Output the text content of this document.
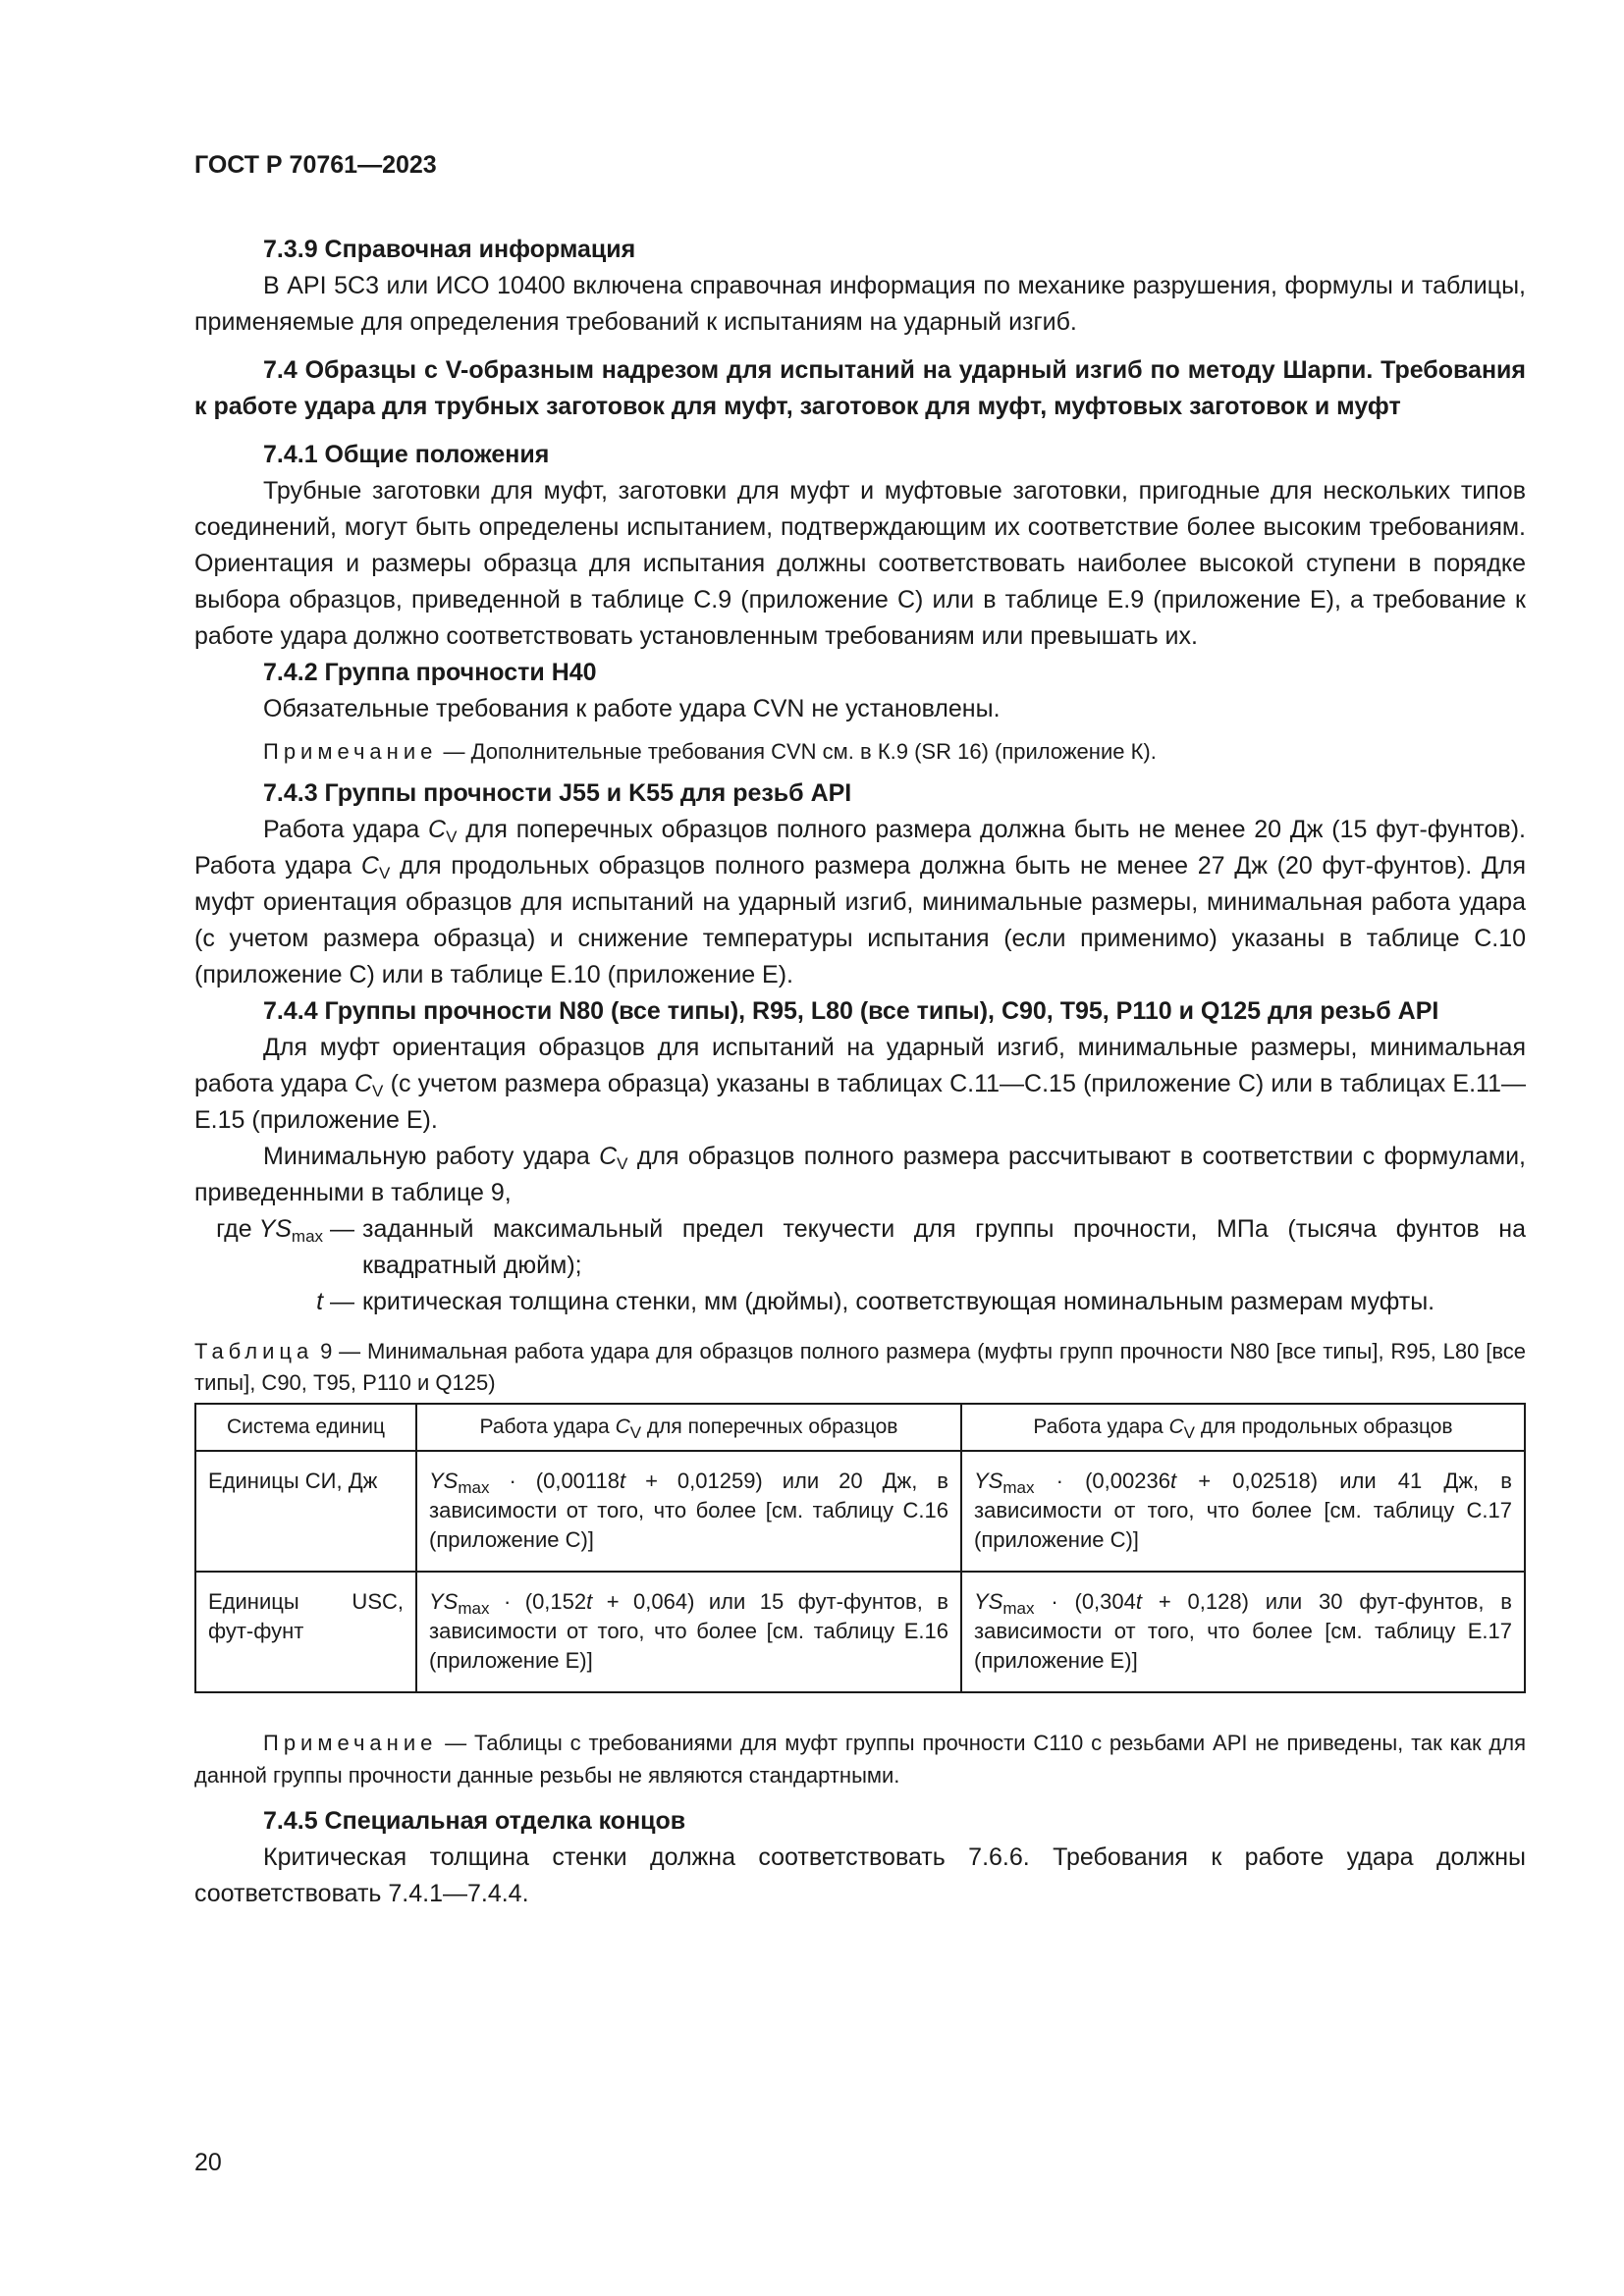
ГОСТ Р 70761—2023

7.3.9 Справочная информация

В API 5C3 или ИСО 10400 включена справочная информация по механике разрушения, формулы и таблицы, применяемые для определения требований к испытаниям на ударный изгиб.

7.4 Образцы с V-образным надрезом для испытаний на ударный изгиб по методу Шарпи. Требования к работе удара для трубных заготовок для муфт, заготовок для муфт, муфтовых заготовок и муфт

7.4.1 Общие положения

Трубные заготовки для муфт, заготовки для муфт и муфтовые заготовки, пригодные для нескольких типов соединений, могут быть определены испытанием, подтверждающим их соответствие более высоким требованиям. Ориентация и размеры образца для испытания должны соответствовать наиболее высокой ступени в порядке выбора образцов, приведенной в таблице С.9 (приложение С) или в таблице Е.9 (приложение Е), а требование к работе удара должно соответствовать установленным требованиям или превышать их.

7.4.2 Группа прочности Н40

Обязательные требования к работе удара CVN не установлены.

Примечание — Дополнительные требования CVN см. в К.9 (SR 16) (приложение К).

7.4.3 Группы прочности J55 и K55 для резьб API

Работа удара $C_V$ для поперечных образцов полного размера должна быть не менее 20 Дж (15 фут-фунтов). Работа удара $C_V$ для продольных образцов полного размера должна быть не менее 27 Дж (20 фут-фунтов). Для муфт ориентация образцов для испытаний на ударный изгиб, минимальные размеры, минимальная работа удара (с учетом размера образца) и снижение температуры испытания (если применимо) указаны в таблице С.10 (приложение С) или в таблице Е.10 (приложение Е).

7.4.4 Группы прочности N80 (все типы), R95, L80 (все типы), С90, Т95, Р110 и Q125 для резьб API

Для муфт ориентация образцов для испытаний на ударный изгиб, минимальные размеры, минимальная работа удара $C_V$ (с учетом размера образца) указаны в таблицах С.11—С.15 (приложение С) или в таблицах Е.11—Е.15 (приложение Е).

Минимальную работу удара $C_V$ для образцов полного размера рассчитывают в соответствии с формулами, приведенными в таблице 9,

где $YS_{max}$ — заданный максимальный предел текучести для группы прочности, МПа (тысяча фунтов на квадратный дюйм);

t — критическая толщина стенки, мм (дюймы), соответствующая номинальным размерам муфты.

Таблица 9 — Минимальная работа удара для образцов полного размера (муфты групп прочности N80 [все типы], R95, L80 [все типы], С90, Т95, Р110 и Q125)

Система единиц	Работа удара $C_V$ для поперечных образцов	Работа удара $C_V$ для продольных образцов
Единицы СИ, Дж	$YS_{max} \cdot (0,00118t + 0,01259)$ или 20 Дж, в зависимости от того, что более [см. таблицу С.16 (приложение С)]	$YS_{max} \cdot (0,00236t + 0,02518)$ или 41 Дж, в зависимости от того, что более [см. таблицу С.17 (приложение С)]
Единицы USC, фут-фунт	$YS_{max} \cdot (0,152t + 0,064)$ или 15 фут-фунтов, в зависимости от того, что более [см. таблицу Е.16 (приложение Е)]	$YS_{max} \cdot (0,304t + 0,128)$ или 30 фут-фунтов, в зависимости от того, что более [см. таблицу Е.17 (приложение Е)]

Примечание — Таблицы с требованиями для муфт группы прочности С110 с резьбами API не приведены, так как для данной группы прочности данные резьбы не являются стандартными.

7.4.5 Специальная отделка концов

Критическая толщина стенки должна соответствовать 7.6.6. Требования к работе удара должны соответствовать 7.4.1—7.4.4.

20
